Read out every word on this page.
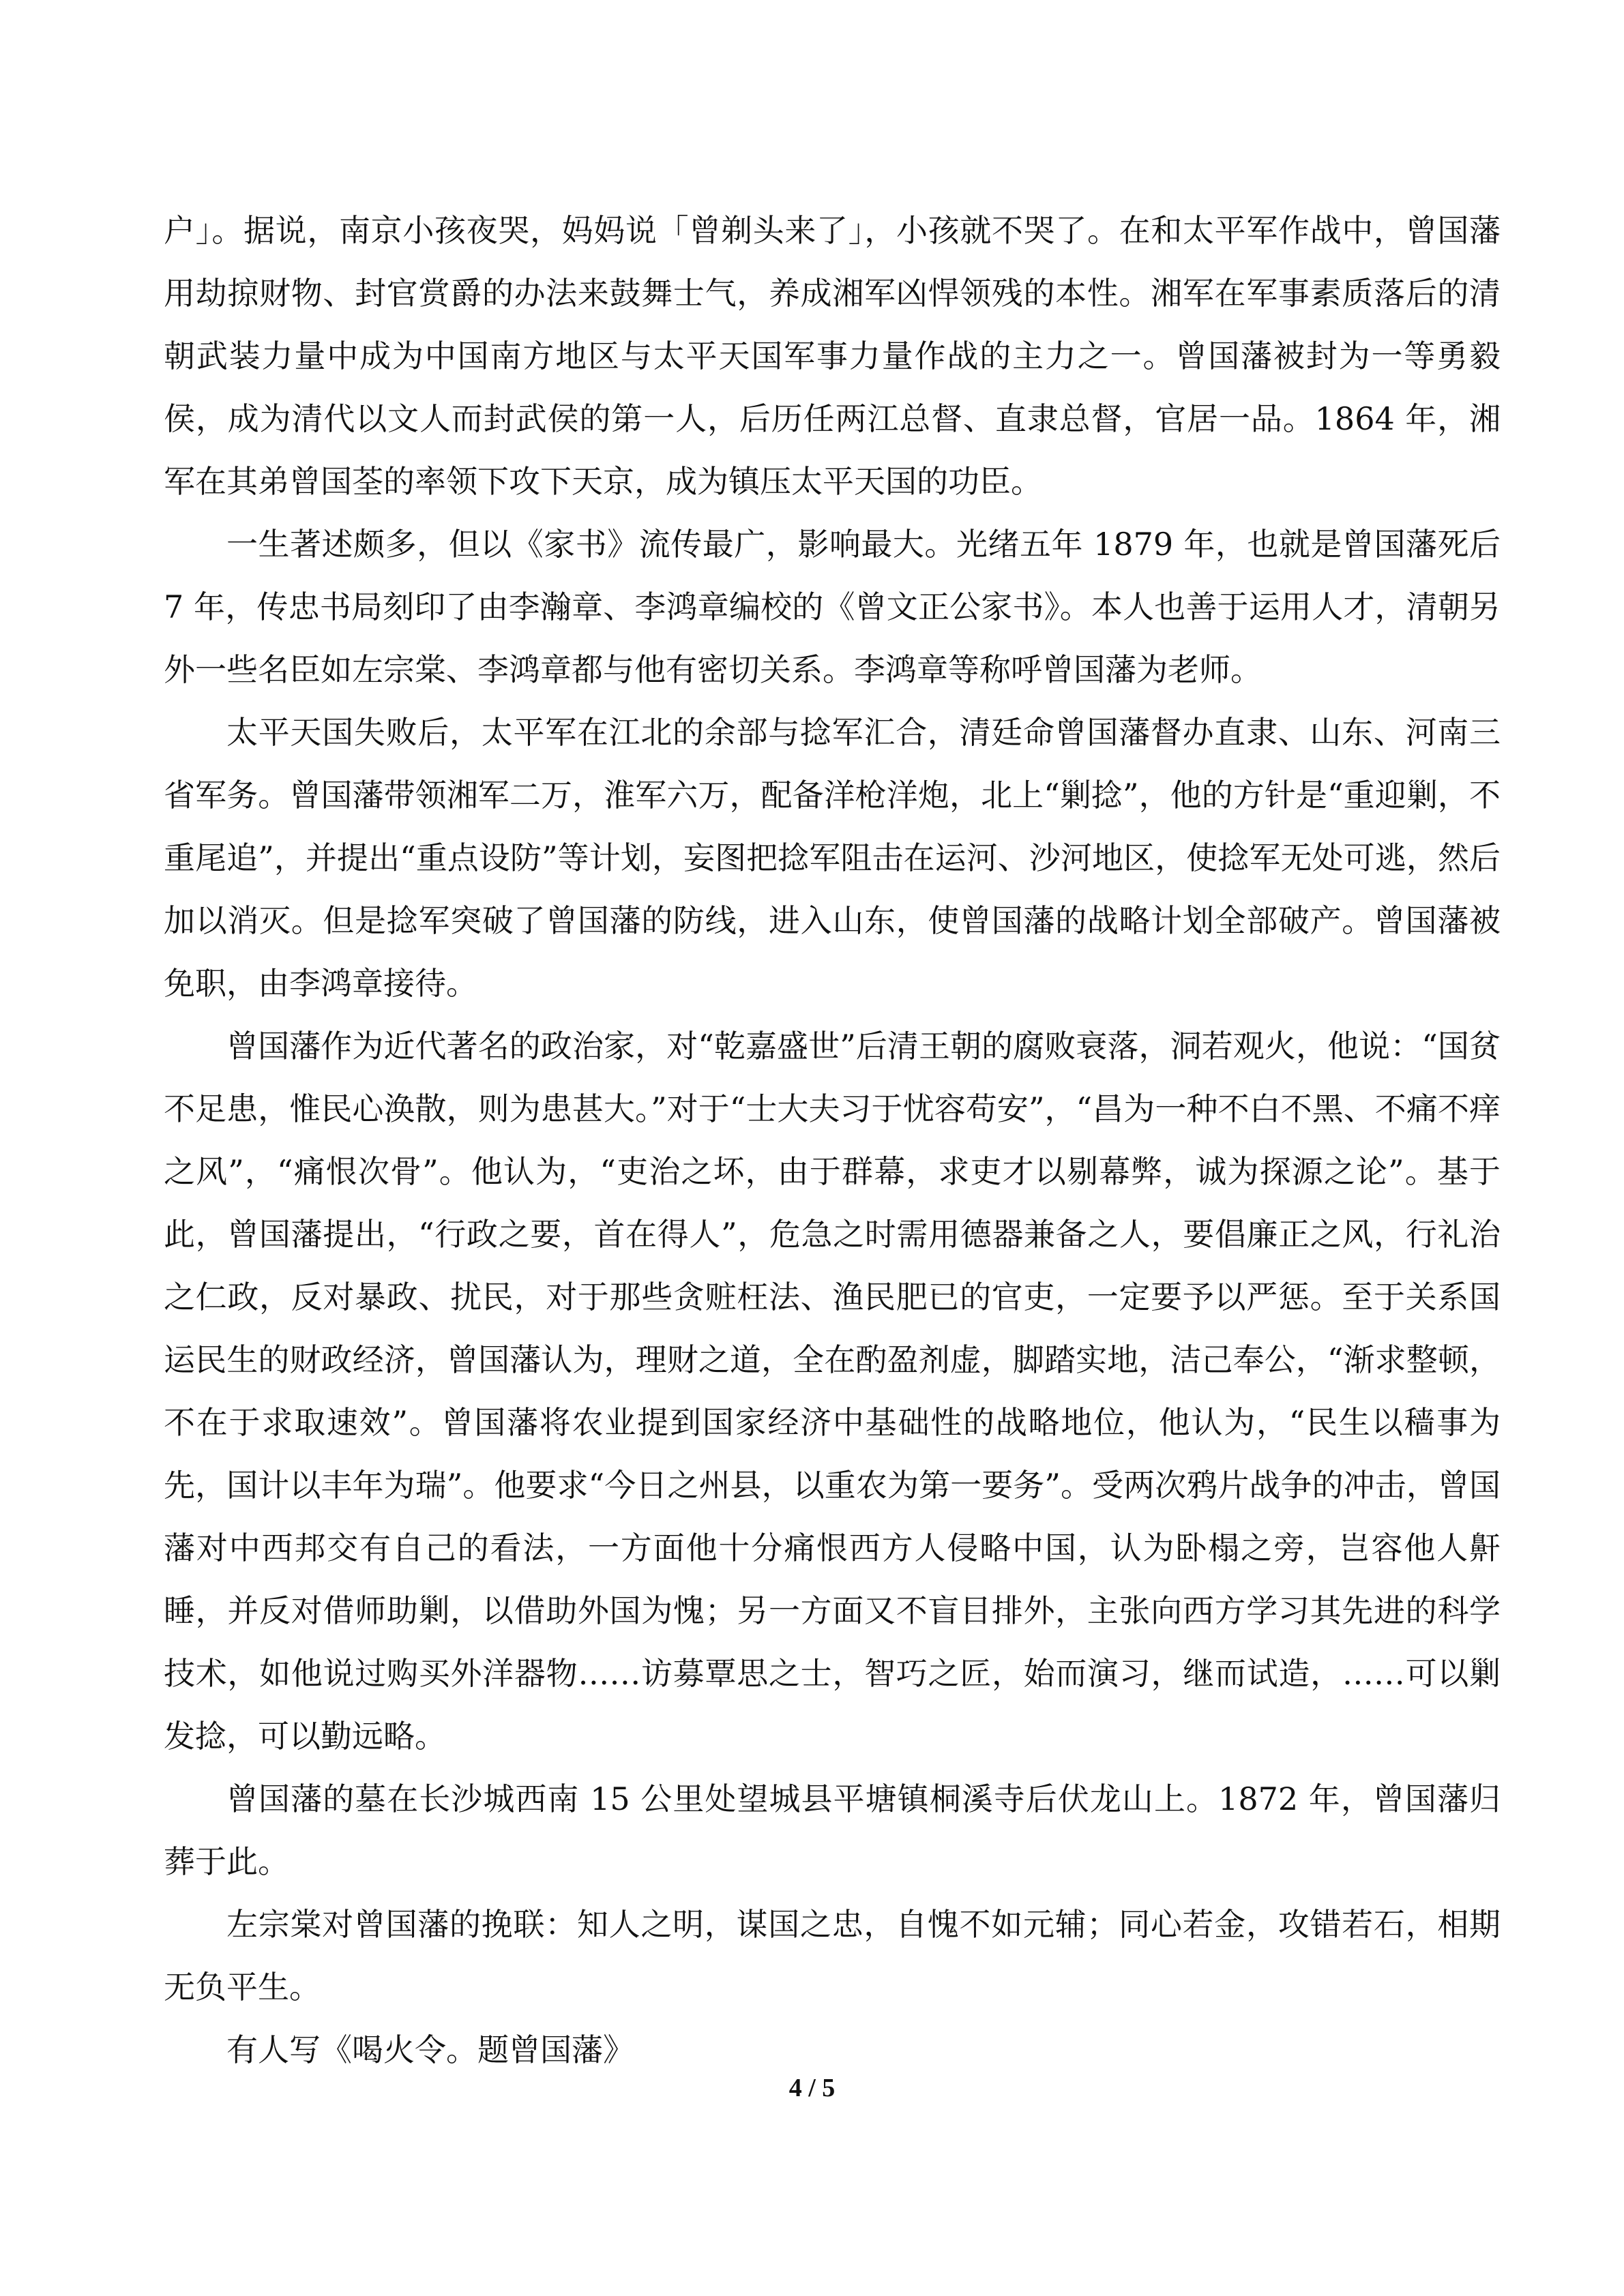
户」。据说，南京小孩夜哭，妈妈说「曾剃头来了」，小孩就不哭了。在和太平军作战中，曾国藩用劫掠财物、封官赏爵的办法来鼓舞士气，养成湘军凶悍领残的本性。湘军在军事素质落后的清朝武装力量中成为中国南方地区与太平天国军事力量作战的主力之一。曾国藩被封为一等勇毅侯，成为清代以文人而封武侯的第一人，后历任两江总督、直隶总督，官居一品。1864 年，湘军在其弟曾国荃的率领下攻下天京，成为镇压太平天国的功臣。

一生著述颇多，但以《家书》流传最广，影响最大。光绪五年 1879 年，也就是曾国藩死后 7 年，传忠书局刻印了由李瀚章、李鸿章编校的《曾文正公家书》。本人也善于运用人才，清朝另外一些名臣如左宗棠、李鸿章都与他有密切关系。李鸿章等称呼曾国藩为老师。

太平天国失败后，太平军在江北的余部与捻军汇合，清廷命曾国藩督办直隶、山东、河南三省军务。曾国藩带领湘军二万，淮军六万，配备洋枪洋炮，北上“剿捻”，他的方针是“重迎剿，不重尾追”，并提出“重点设防”等计划，妄图把捻军阻击在运河、沙河地区，使捻军无处可逃，然后加以消灭。但是捻军突破了曾国藩的防线，进入山东，使曾国藩的战略计划全部破产。曾国藩被免职，由李鸿章接待。

曾国藩作为近代著名的政治家，对“乾嘉盛世”后清王朝的腐败衰落，洞若观火，他说：“国贫不足患，惟民心涣散，则为患甚大。”对于“士大夫习于忧容苟安”，“昌为一种不白不黑、不痛不痒之风”，“痛恨次骨”。他认为，“吏治之坏，由于群幕，求吏才以剔幕弊，诚为探源之论”。基于此，曾国藩提出，“行政之要，首在得人”，危急之时需用德器兼备之人，要倡廉正之风，行礼治之仁政，反对暴政、扰民，对于那些贪赃枉法、渔民肥已的官吏，一定要予以严惩。至于关系国运民生的财政经济，曾国藩认为，理财之道，全在酌盈剂虚，脚踏实地，洁己奉公，“渐求整顿，不在于求取速效”。曾国藩将农业提到国家经济中基础性的战略地位，他认为，“民生以穑事为先，国计以丰年为瑞”。他要求“今日之州县，以重农为第一要务”。受两次鸦片战争的冲击，曾国藩对中西邦交有自己的看法，一方面他十分痛恨西方人侵略中国，认为卧榻之旁，岂容他人鼾睡，并反对借师助剿，以借助外国为愧；另一方面又不盲目排外，主张向西方学习其先进的科学技术，如他说过购买外洋器物……访募覃思之士，智巧之匠，始而演习，继而试造，……可以剿发捻，可以勤远略。

曾国藩的墓在长沙城西南 15 公里处望城县平塘镇桐溪寺后伏龙山上。1872 年，曾国藩归葬于此。

左宗棠对曾国藩的挽联：知人之明，谋国之忠，自愧不如元辅；同心若金，攻错若石，相期无负平生。

有人写《喝火令。题曾国藩》

4 / 5
